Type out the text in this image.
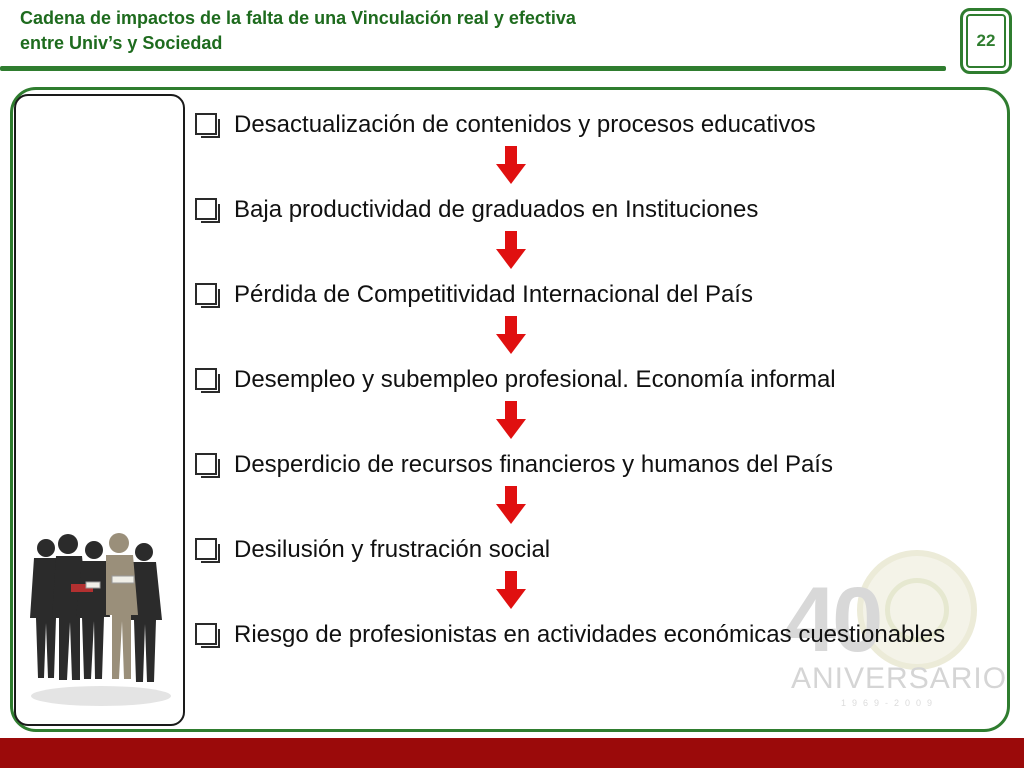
Cadena de impactos de la falta de una Vinculación real y efectiva
entre Univ’s y Sociedad	22
40
ANIVERSARIO
1969-2009
Desactualización de contenidos y procesos educativos
Baja productividad de graduados en Instituciones
Pérdida de Competitividad Internacional del País
Desempleo y subempleo profesional. Economía informal
Desperdicio de recursos financieros y humanos del País
Desilusión y frustración social
Riesgo de profesionistas en actividades económicas cuestionables
